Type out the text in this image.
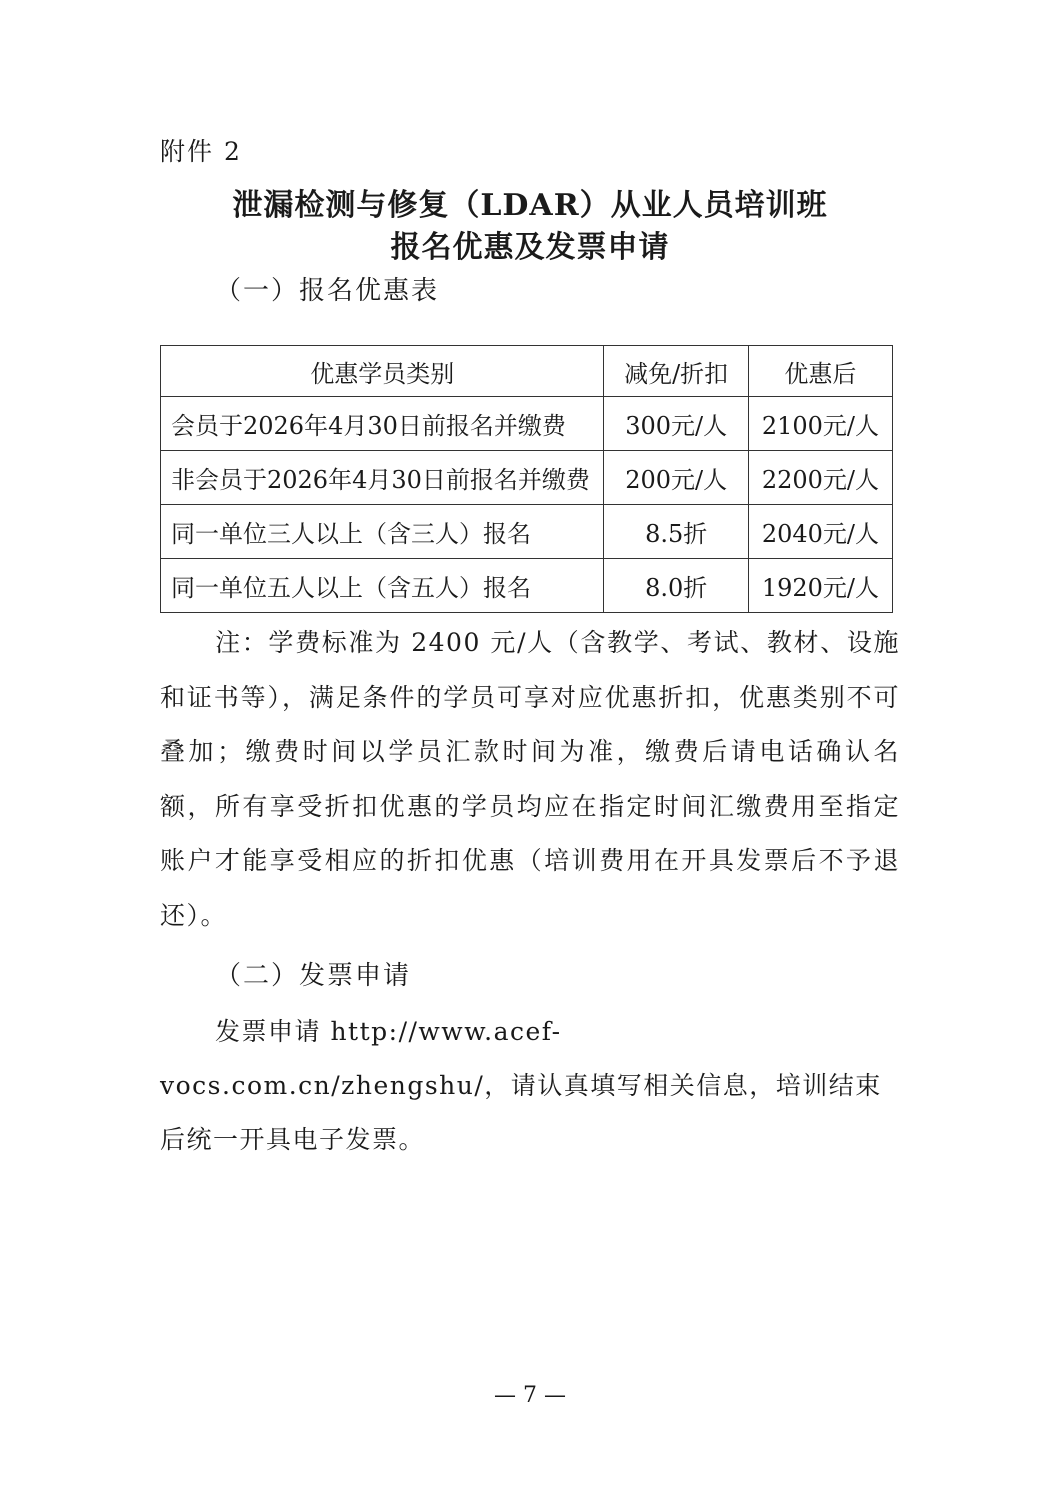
附件 2
泄漏检测与修复（LDAR）从业人员培训班
报名优惠及发票申请
（一）报名优惠表
优惠学员类别	减免/折扣	优惠后
会员于2026年4月30日前报名并缴费	300元/人	2100元/人
非会员于2026年4月30日前报名并缴费	200元/人	2200元/人
同一单位三人以上（含三人）报名	8.5折	2040元/人
同一单位五人以上（含五人）报名	8.0折	1920元/人
注：学费标准为 2400 元/人（含教学、考试、教材、设施和证书等），满足条件的学员可享对应优惠折扣，优惠类别不可叠加；缴费时间以学员汇款时间为准，缴费后请电话确认名额，所有享受折扣优惠的学员均应在指定时间汇缴费用至指定账户才能享受相应的折扣优惠（培训费用在开具发票后不予退还）。
（二）发票申请
发票申请 http://www.acef-vocs.com.cn/zhengshu/，请认真填写相关信息，培训结束后统一开具电子发票。
— 7 —
